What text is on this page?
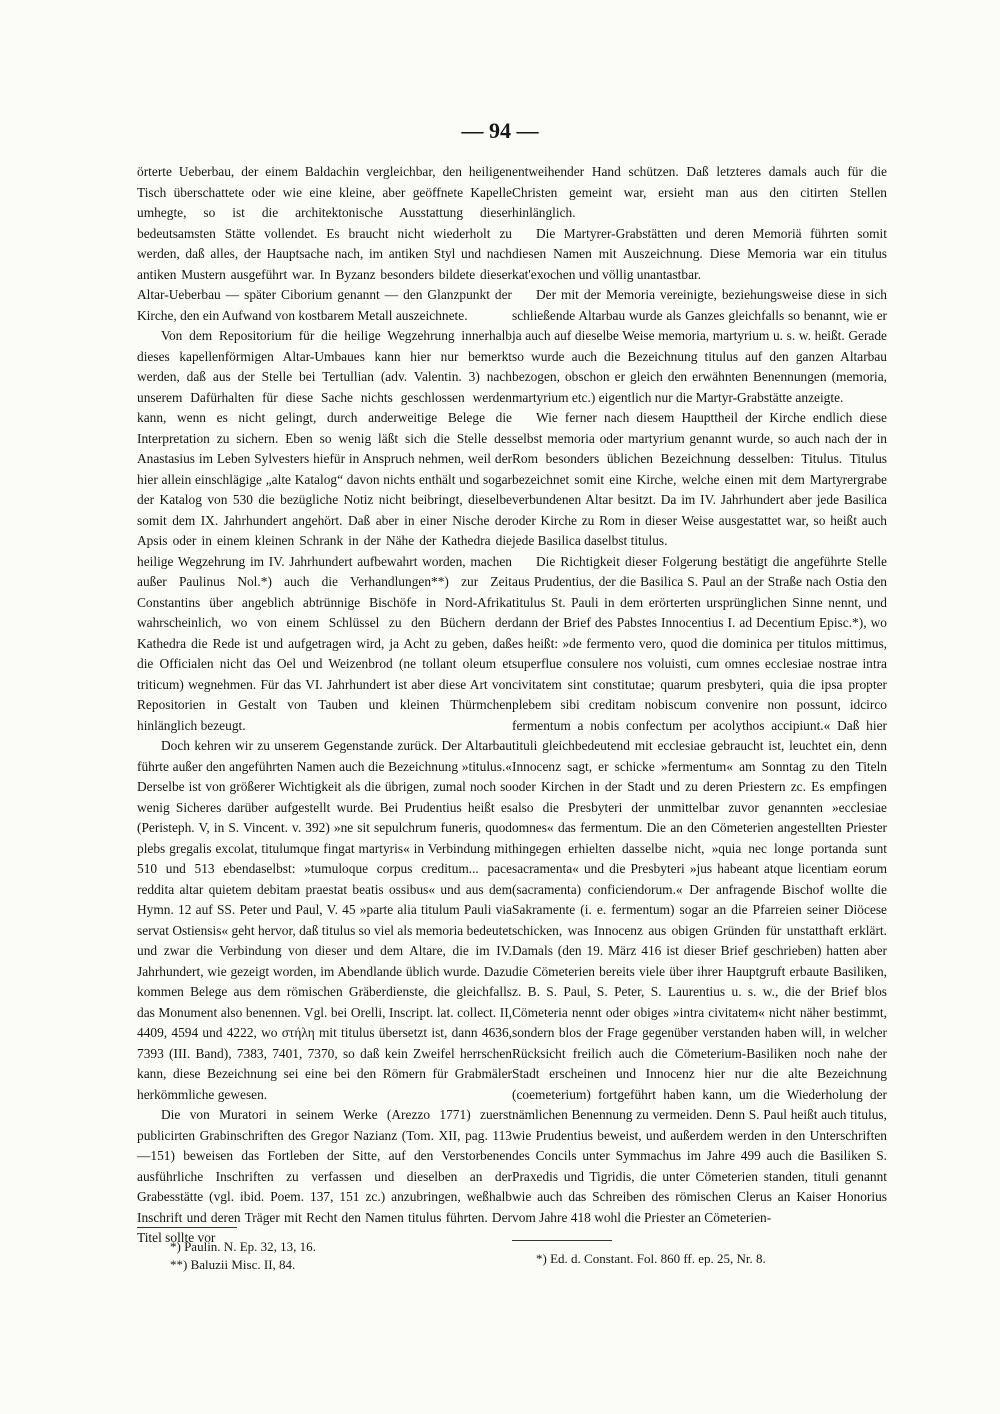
— 94 —

örterte Ueberbau, der einem Baldachin vergleichbar, den heiligen Tisch überschattete oder wie eine kleine, aber geöffnete Kapelle umhegte, so ist die architektonische Ausstattung dieser bedeutsamsten Stätte vollendet. Es braucht nicht wiederholt zu werden, daß alles, der Hauptsache nach, im antiken Styl und nach antiken Mustern ausgeführt war. In Byzanz besonders bildete dieser Altar-Ueberbau — später Ciborium genannt — den Glanzpunkt der Kirche, den ein Aufwand von kostbarem Metall auszeichnete.

Von dem Repositorium für die heilige Wegzehrung innerhalb dieses kapellenförmigen Altar-Umbaues kann hier nur bemerkt werden, daß aus der Stelle bei Tertullian (adv. Valentin. 3) nach unserem Dafürhalten für diese Sache nichts geschlossen werden kann, wenn es nicht gelingt, durch anderweitige Belege die Interpretation zu sichern. Eben so wenig läßt sich die Stelle des Anastasius im Leben Sylvesters hiefür in Anspruch nehmen, weil der hier allein einschlägige „alte Katalog“ davon nichts enthält und sogar der Katalog von 530 die bezügliche Notiz nicht beibringt, dieselbe somit dem IX. Jahrhundert angehört. Daß aber in einer Nische der Apsis oder in einem kleinen Schrank in der Nähe der Kathedra die heilige Wegzehrung im IV. Jahrhundert aufbewahrt worden, machen außer Paulinus Nol.*) auch die Verhandlungen**) zur Zeit Constantins über angeblich abtrünnige Bischöfe in Nord-Afrika wahrscheinlich, wo von einem Schlüssel zu den Büchern der Kathedra die Rede ist und aufgetragen wird, ja Acht zu geben, daß die Officialen nicht das Oel und Weizenbrod (ne tollant oleum et triticum) wegnehmen. Für das VI. Jahrhundert ist aber diese Art von Repositorien in Gestalt von Tauben und kleinen Thürmchen hinlänglich bezeugt.

Doch kehren wir zu unserem Gegenstande zurück. Der Altarbau führte außer den angeführten Namen auch die Bezeichnung »titulus.« Derselbe ist von größerer Wichtigkeit als die übrigen, zumal noch so wenig Sicheres darüber aufgestellt wurde. Bei Prudentius heißt es (Peristeph. V, in S. Vincent. v. 392) »ne sit sepulchrum funeris, quod plebs gregalis excolat, titulumque fingat martyris« in Verbindung mit 510 und 513 ebendaselbst: »tumuloque corpus creditum... pace reddita altar quietem debitam praestat beatis ossibus« und aus dem Hymn. 12 auf SS. Peter und Paul, V. 45 »parte alia titulum Pauli via servat Ostiensis« geht hervor, daß titulus so viel als memoria bedeutet und zwar die Verbindung von dieser und dem Altare, die im IV. Jahrhundert, wie gezeigt worden, im Abendlande üblich wurde. Dazu kommen Belege aus dem römischen Gräberdienste, die gleichfalls das Monument also benennen. Vgl. bei Orelli, Inscript. lat. collect. II, 4409, 4594 und 4222, wo στήλη mit titulus übersetzt ist, dann 4636, 7393 (III. Band), 7383, 7401, 7370, so daß kein Zweifel herrschen kann, diese Bezeichnung sei eine bei den Römern für Grabmäler herkömmliche gewesen.

Die von Muratori in seinem Werke (Arezzo 1771) zuerst publicirten Grabinschriften des Gregor Nazianz (Tom. XII, pag. 113—151) beweisen das Fortleben der Sitte, auf den Verstorbenen ausführliche Inschriften zu verfassen und dieselben an der Grabesstätte (vgl. ibid. Poem. 137, 151 zc.) anzubringen, weßhalb Inschrift und deren Träger mit Recht den Namen titulus führten. Der Titel sollte vor

entweihender Hand schützen. Daß letzteres damals auch für die Christen gemeint war, ersieht man aus den citirten Stellen hinlänglich.

Die Martyrer-Grabstätten und deren Memoriä führten somit diesen Namen mit Auszeichnung. Diese Memoria war ein titulus kat'exochen und völlig unantastbar.

Der mit der Memoria vereinigte, beziehungsweise diese in sich schließende Altarbau wurde als Ganzes gleichfalls so benannt, wie er ja auch auf dieselbe Weise memoria, martyrium u. s. w. heißt. Gerade so wurde auch die Bezeichnung titulus auf den ganzen Altarbau bezogen, obschon er gleich den erwähnten Benennungen (memoria, martyrium etc.) eigentlich nur die Martyr-Grabstätte anzeigte.

Wie ferner nach diesem Haupttheil der Kirche endlich diese selbst memoria oder martyrium genannt wurde, so auch nach der in Rom besonders üblichen Bezeichnung desselben: Titulus. Titulus bezeichnet somit eine Kirche, welche einen mit dem Martyrergrabe verbundenen Altar besitzt. Da im IV. Jahrhundert aber jede Basilica oder Kirche zu Rom in dieser Weise ausgestattet war, so heißt auch jede Basilica daselbst titulus.

Die Richtigkeit dieser Folgerung bestätigt die angeführte Stelle aus Prudentius, der die Basilica S. Paul an der Straße nach Ostia den titulus St. Pauli in dem erörterten ursprünglichen Sinne nennt, und dann der Brief des Pabstes Innocentius I. ad Decentium Episc.*), wo es heißt: »de fermento vero, quod die dominica per titulos mittimus, superflue consulere nos voluisti, cum omnes ecclesiae nostrae intra civitatem sint constitutae; quarum presbyteri, quia die ipsa propter plebem sibi creditam nobiscum convenire non possunt, idcirco fermentum a nobis confectum per acolythos accipiunt.« Daß hier tituli gleichbedeutend mit ecclesiae gebraucht ist, leuchtet ein, denn Innocenz sagt, er schicke »fermentum« am Sonntag zu den Titeln oder Kirchen in der Stadt und zu deren Priestern zc. Es empfingen also die Presbyteri der unmittelbar zuvor genannten »ecclesiae omnes« das fermentum. Die an den Cömeterien angestellten Priester hingegen erhielten dasselbe nicht, »quia nec longe portanda sunt sacramenta« und die Presbyteri »jus habeant atque licentiam eorum (sacramenta) conficiendorum.« Der anfragende Bischof wollte die Sakramente (i. e. fermentum) sogar an die Pfarreien seiner Diöcese schicken, was Innocenz aus obigen Gründen für unstatthaft erklärt. Damals (den 19. März 416 ist dieser Brief geschrieben) hatten aber die Cömeterien bereits viele über ihrer Hauptgruft erbaute Basiliken, z. B. S. Paul, S. Peter, S. Laurentius u. s. w., die der Brief blos Cömeteria nennt oder obiges »intra civitatem« nicht näher bestimmt, sondern blos der Frage gegenüber verstanden haben will, in welcher Rücksicht freilich auch die Cömeterium-Basiliken noch nahe der Stadt erscheinen und Innocenz hier nur die alte Bezeichnung (coemeterium) fortgeführt haben kann, um die Wiederholung der nämlichen Benennung zu vermeiden. Denn S. Paul heißt auch titulus, wie Prudentius beweist, und außerdem werden in den Unterschriften des Concils unter Symmachus im Jahre 499 auch die Basiliken S. Praxedis und Tigridis, die unter Cömeterien standen, tituli genannt wie auch das Schreiben des römischen Clerus an Kaiser Honorius vom Jahre 418 wohl die Priester an Cömeterien-

*) Paulin. N. Ep. 32, 13, 16.
**) Baluzii Misc. II, 84.	*) Ed. d. Constant. Fol. 860 ff. ep. 25, Nr. 8.
